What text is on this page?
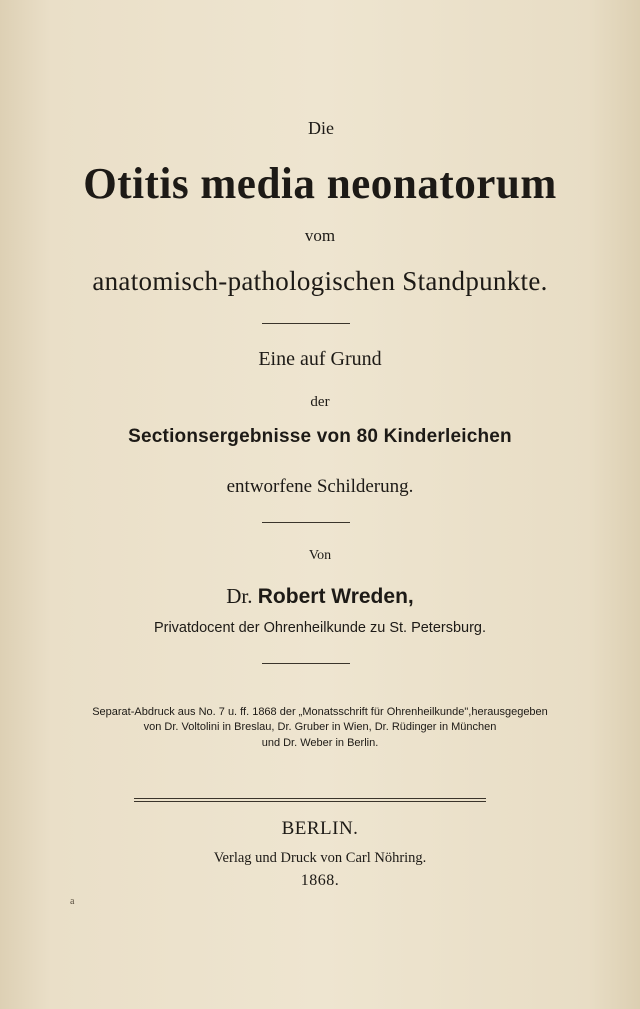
Die
Otitis media neonatorum
vom
anatomisch-pathologischen Standpunkte.
Eine auf Grund
der
Sectionsergebnisse von 80 Kinderleichen
entworfene Schilderung.
Von
Dr. Robert Wreden,
Privatdocent der Ohrenheilkunde zu St. Petersburg.
Separat-Abdruck aus No. 7 u. ff. 1868 der „Monatsschrift für Ohrenheilkunde",herausgegeben
von Dr. Voltolini in Breslau, Dr. Gruber in Wien, Dr. Rüdinger in München
und Dr. Weber in Berlin.
BERLIN.
Verlag und Druck von Carl Nöhring.
1868.
a
